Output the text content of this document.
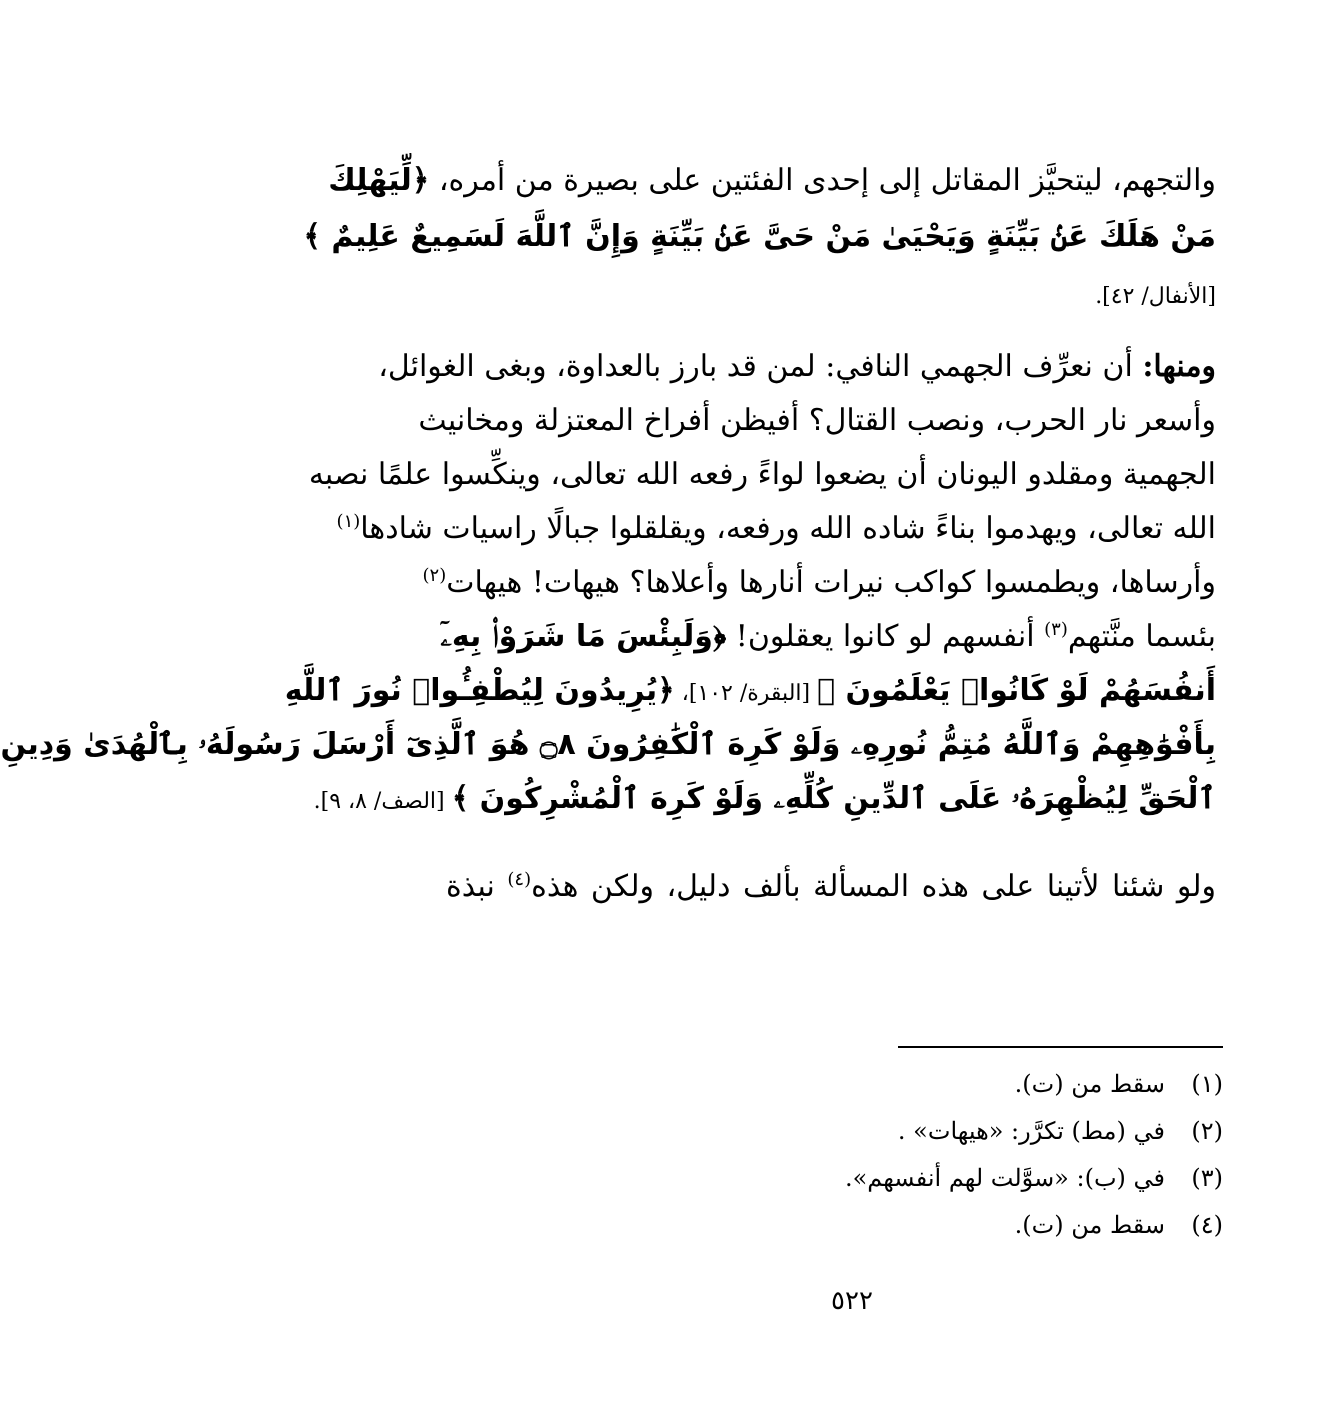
والتجهم، ليتحيَّز المقاتل إلى إحدى الفئتين على بصيرة من أمره، ﴿لِّيَهْلِكَ
مَنْ هَلَكَ عَنۢ بَيِّنَةٍ وَيَحْيَىٰ مَنْ حَىَّ عَنۢ بَيِّنَةٍ وَإِنَّ ٱللَّهَ لَسَمِيعٌ عَلِيمٌ ﴾
[الأنفال/ ٤٢].
ومنها: أن نعرِّف الجهمي النافي: لمن قد بارز بالعداوة، وبغى الغوائل،
وأسعر نار الحرب، ونصب القتال؟ أفيظن أفراخ المعتزلة ومخانيث
الجهمية ومقلدو اليونان أن يضعوا لواءً رفعه الله تعالى، وينكِّسوا علمًا نصبه
الله تعالى، ويهدموا بناءً شاده الله ورفعه، ويقلقلوا جبالًا راسيات شادها$^{(١)}$
وأرساها، ويطمسوا كواكب نيرات أنارها وأعلاها؟ هيهات! هيهات$^{(٢)}$
بئسما منَّتهم$^{(٣)}$ أنفسهم لو كانوا يعقلون! ﴿وَلَبِئْسَ مَا شَرَوْا۟ بِهِۦٓ
أَنفُسَهُمْ لَوْ كَانُوا۟ يَعْلَمُونَ ﴾ [البقرة/ ١٠٢]، ﴿يُرِيدُونَ لِيُطْفِـُٔوا۟ نُورَ ٱللَّهِ
بِأَفْوَٰهِهِمْ وَٱللَّهُ مُتِمُّ نُورِهِۦ وَلَوْ كَرِهَ ٱلْكَٰفِرُونَ ۝٨ هُوَ ٱلَّذِىٓ أَرْسَلَ رَسُولَهُۥ بِٱلْهُدَىٰ وَدِينِ
ٱلْحَقِّ لِيُظْهِرَهُۥ عَلَى ٱلدِّينِ كُلِّهِۦ وَلَوْ كَرِهَ ٱلْمُشْرِكُونَ ﴾ [الصف/ ٨، ٩].
ولو شئنا لأتينا على هذه المسألة بألف دليل، ولكن هذه$^{(٤)}$ نبذة
(١)سقط من (ت).
(٢)في (مط) تكرَّر: «هيهات» .
(٣)في (ب): «سوَّلت لهم أنفسهم».
(٤)سقط من (ت).
٥٢٢
